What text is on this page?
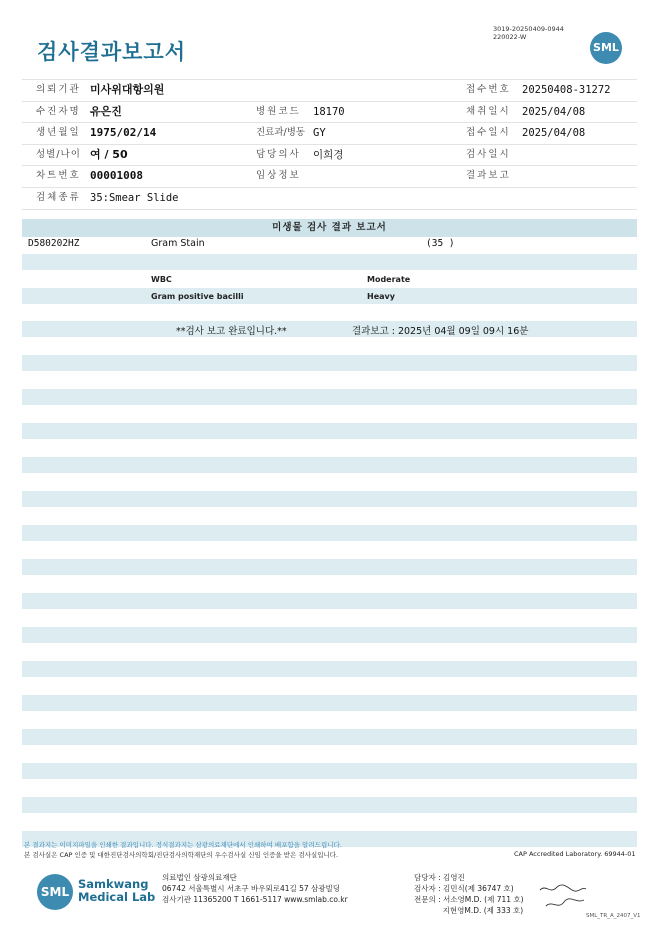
검사결과보고서
3019-20250409-0944
220022-W
SML
의뢰기관 미사위대항의원	접수번호 20250408-31272
수진자명 유은진	병원코드 18170	채취일시 2025/04/08
생년월일 1975/02/14	진료과/병동 GY	접수일시 2025/04/08
성별/나이 여 / 50	담당의사 이희경	검사일시
차트번호 00001008	임상정보	결과보고
검체종류 35:Smear Slide
미생물 검사 결과 보고서
D580202HZ	Gram Stain	(35 )
WBC	Moderate
Gram positive bacilli	Heavy
**검사 보고 완료입니다.**	결과보고 : 2025년 04월 09일 09시 16분
본 결과지는 이미지파일을 인쇄한 결과입니다. 정식결과지는 삼광의료재단에서 인쇄하여 배포함을 알려드립니다.
본 검사실은 CAP 인증 및 대한진단검사의학회/진단검사의학재단의 우수검사실 신임 인증을 받은 검사실입니다.	CAP Accredited Laboratory. 69944-01
SML
Samkwang
Medical Lab
의료법인 삼광의료재단
06742 서울특별시 서초구 바우뫼로41길 57 삼광빌딩
검사기관 11365200 T 1661-5117 www.smlab.co.kr
담당자 : 김영진
검사자 : 김민식(제 36747 호)
전문의 : 서소영M.D. (제 711 호)
지현영M.D. (제 333 호)
SML_TR_A_2407_V1
